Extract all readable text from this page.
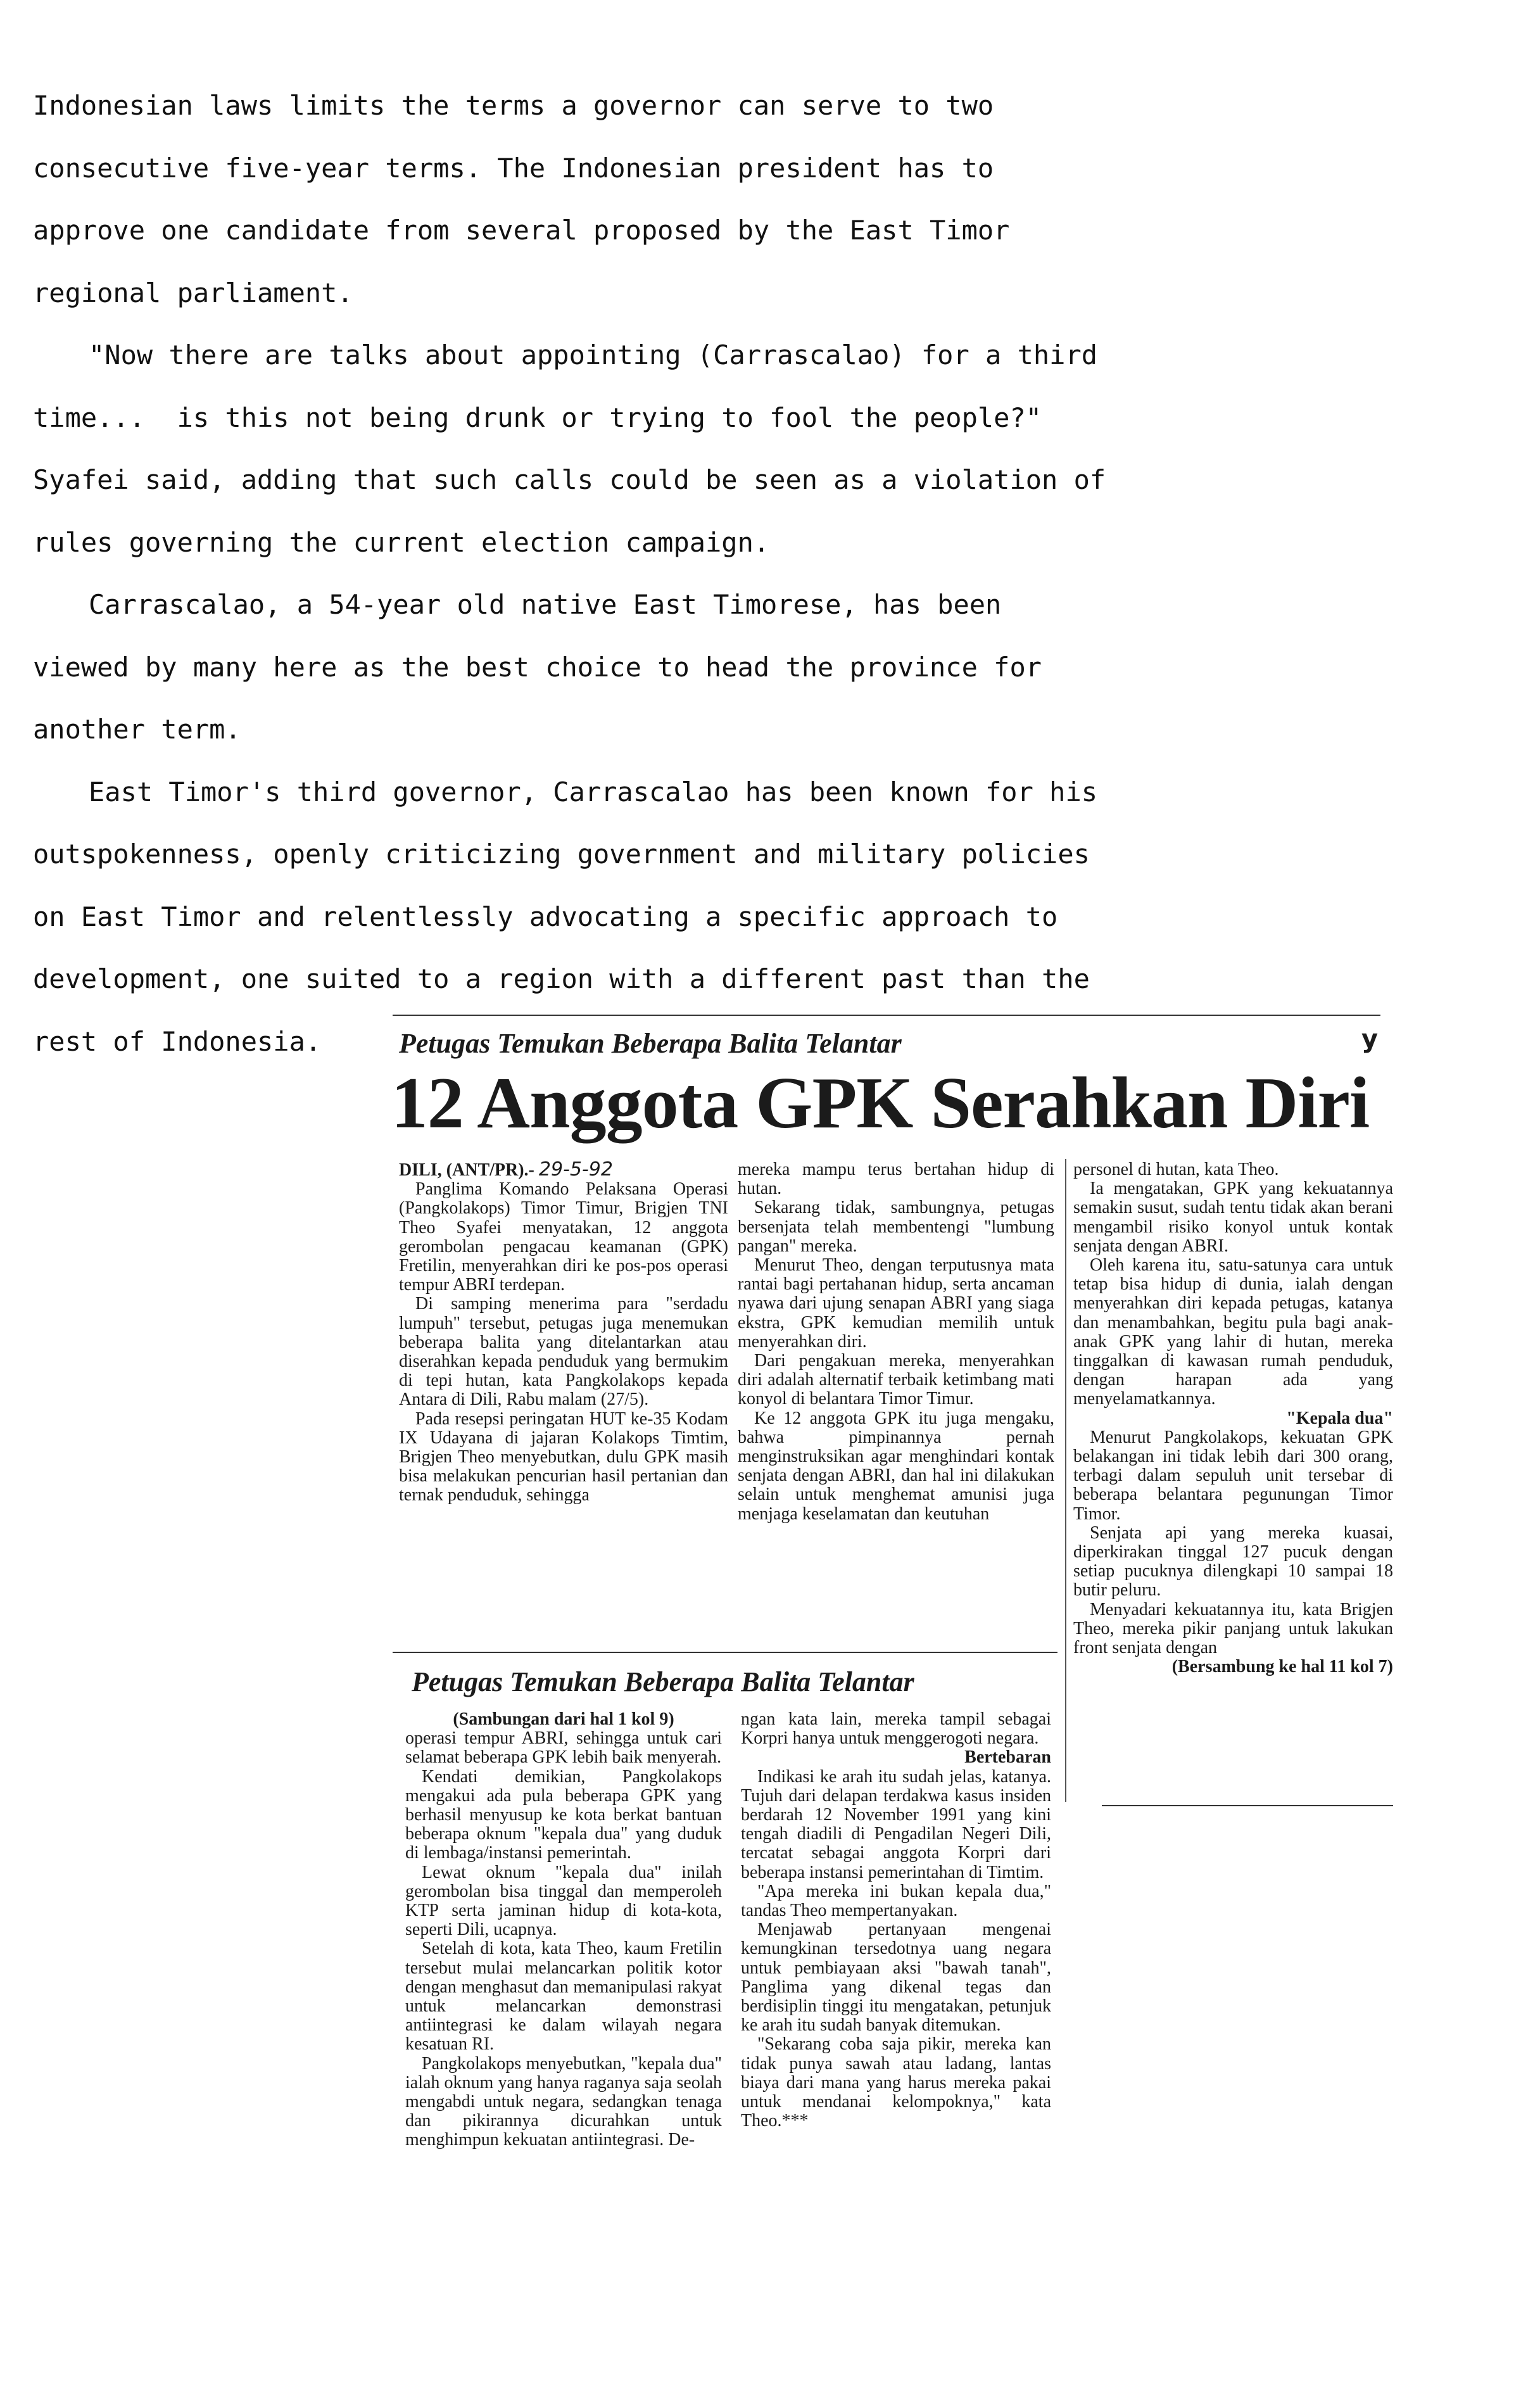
Indonesian laws limits the terms a governor can serve to two

consecutive five-year terms. The Indonesian president has to

approve one candidate from several proposed by the East Timor

regional parliament.

"Now there are talks about appointing (Carrascalao) for a third

time...  is this not being drunk or trying to fool the people?"

Syafei said, adding that such calls could be seen as a violation of

rules governing the current election campaign.

Carrascalao, a 54-year old native East Timorese, has been

viewed by many here as the best choice to head the province for

another term.

East Timor's third governor, Carrascalao has been known for his

outspokenness, openly criticizing government and military policies

on East Timor and relentlessly advocating a specific approach to

development, one suited to a region with a different past than the

rest of Indonesia.	Petugas Temukan Beberapa Balita Telantar	y
12 Anggota GPK Serahkan Diri

DILI, (ANT/PR).- 29-5-92

Panglima Komando Pelaksana Operasi (Pangkolakops) Timor Timur, Brigjen TNI Theo Syafei menyatakan, 12 anggota gerombolan pengacau keamanan (GPK) Fretilin, menyerahkan diri ke pos-pos operasi tempur ABRI terdepan.

Di samping menerima para "serdadu lumpuh" tersebut, petugas juga menemukan beberapa balita yang ditelantarkan atau diserahkan kepada penduduk yang bermukim di tepi hutan, kata Pangkolakops kepada Antara di Dili, Rabu malam (27/5).

Pada resepsi peringatan HUT ke-35 Kodam IX Udayana di jajaran Kolakops Timtim, Brigjen Theo menyebutkan, dulu GPK masih bisa melakukan pencurian hasil pertanian dan ternak penduduk, sehingga

mereka mampu terus bertahan hidup di hutan.

Sekarang tidak, sambungnya, petugas bersenjata telah membentengi "lumbung pangan" mereka.

Menurut Theo, dengan terputusnya mata rantai bagi pertahanan hidup, serta ancaman nyawa dari ujung senapan ABRI yang siaga ekstra, GPK kemudian memilih untuk menyerahkan diri.

Dari pengakuan mereka, menyerahkan diri adalah alternatif terbaik ketimbang mati konyol di belantara Timor Timur.

Ke 12 anggota GPK itu juga mengaku, bahwa pimpinannya pernah menginstruksikan agar menghindari kontak senjata dengan ABRI, dan hal ini dilakukan selain untuk menghemat amunisi juga menjaga keselamatan dan keutuhan

personel di hutan, kata Theo.

Ia mengatakan, GPK yang kekuatannya semakin susut, sudah tentu tidak akan berani mengambil risiko konyol untuk kontak senjata dengan ABRI.

Oleh karena itu, satu-satunya cara untuk tetap bisa hidup di dunia, ialah dengan menyerahkan diri kepada petugas, katanya dan menambahkan, begitu pula bagi anak-anak GPK yang lahir di hutan, mereka tinggalkan di kawasan rumah penduduk, dengan harapan ada yang menyelamatkannya.

"Kepala dua"

Menurut Pangkolakops, kekuatan GPK belakangan ini tidak lebih dari 300 orang, terbagi dalam sepuluh unit tersebar di beberapa belantara pegunungan Timor Timor.

Senjata api yang mereka kuasai, diperkirakan tinggal 127 pucuk dengan setiap pucuknya dilengkapi 10 sampai 18 butir peluru.

Menyadari kekuatannya itu, kata Brigjen Theo, mereka pikir panjang untuk lakukan front senjata dengan

(Bersambung ke hal 11 kol 7)

Petugas Temukan Beberapa Balita Telantar

(Sambungan dari hal 1 kol 9)

operasi tempur ABRI, sehingga untuk cari selamat beberapa GPK lebih baik menyerah.

Kendati demikian, Pangkolakops mengakui ada pula beberapa GPK yang berhasil menyusup ke kota berkat bantuan beberapa oknum "kepala dua" yang duduk di lembaga/instansi pemerintah.

Lewat oknum "kepala dua" inilah gerombolan bisa tinggal dan memperoleh KTP serta jaminan hidup di kota-kota, seperti Dili, ucapnya.

Setelah di kota, kata Theo, kaum Fretilin tersebut mulai melancarkan politik kotor dengan menghasut dan memanipulasi rakyat untuk melancarkan demonstrasi antiintegrasi ke dalam wilayah negara kesatuan RI.

Pangkolakops menyebutkan, "kepala dua" ialah oknum yang hanya raganya saja seolah mengabdi untuk negara, sedangkan tenaga dan pikirannya dicurahkan untuk menghimpun kekuatan antiintegrasi. De-

ngan kata lain, mereka tampil sebagai Korpri hanya untuk menggerogoti negara.

Bertebaran

Indikasi ke arah itu sudah jelas, katanya. Tujuh dari delapan terdakwa kasus insiden berdarah 12 November 1991 yang kini tengah diadili di Pengadilan Negeri Dili, tercatat sebagai anggota Korpri dari beberapa instansi pemerintahan di Timtim.

"Apa mereka ini bukan kepala dua," tandas Theo mempertanyakan.

Menjawab pertanyaan mengenai kemungkinan tersedotnya uang negara untuk pembiayaan aksi "bawah tanah", Panglima yang dikenal tegas dan berdisiplin tinggi itu mengatakan, petunjuk ke arah itu sudah banyak ditemukan.

"Sekarang coba saja pikir, mereka kan tidak punya sawah atau ladang, lantas biaya dari mana yang harus mereka pakai untuk mendanai kelompoknya," kata Theo.***
